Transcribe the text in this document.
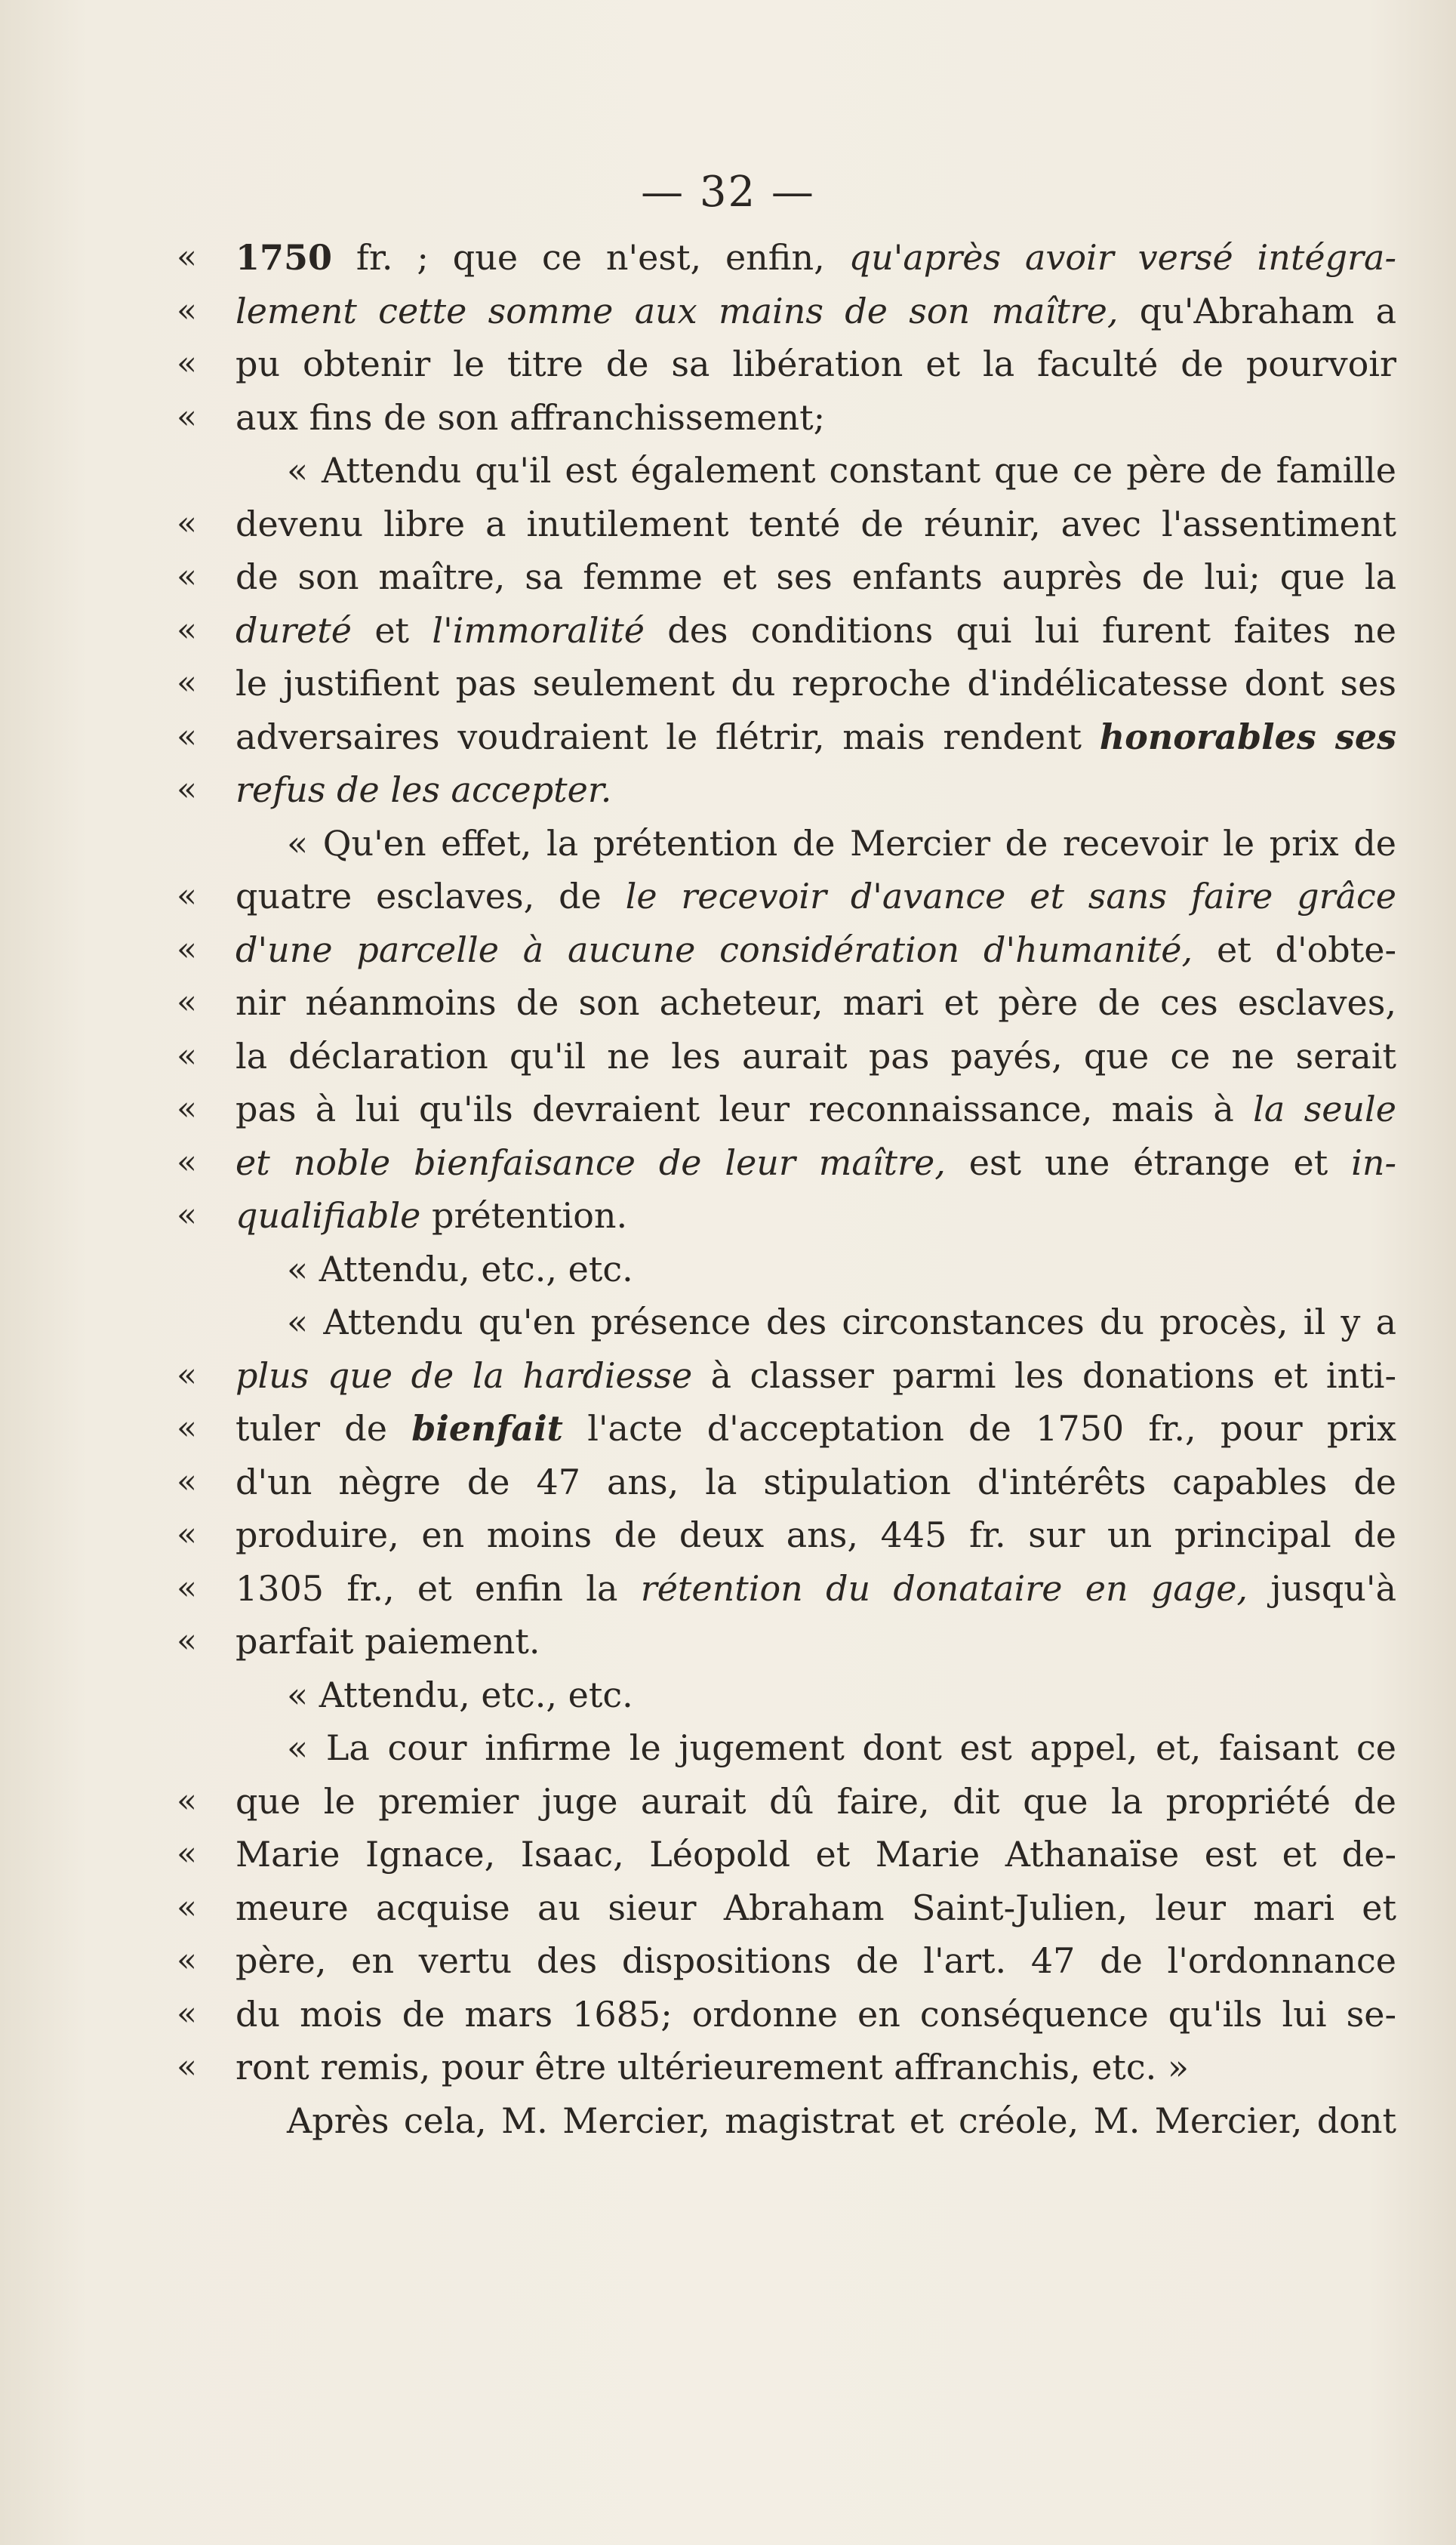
— 32 —
« 1750 fr. ; que ce n'est, enfin, qu'après avoir versé intégra-
« lement cette somme aux mains de son maître, qu'Abraham a
« pu obtenir le titre de sa libération et la faculté de pourvoir
« aux fins de son affranchissement;
« Attendu qu'il est également constant que ce père de famille
« devenu libre a inutilement tenté de réunir, avec l'assentiment
« de son maître, sa femme et ses enfants auprès de lui; que la
« dureté et l'immoralité des conditions qui lui furent faites ne
« le justifient pas seulement du reproche d'indélicatesse dont ses
« adversaires voudraient le flétrir, mais rendent honorables ses
« refus de les accepter.
« Qu'en effet, la prétention de Mercier de recevoir le prix de
« quatre esclaves, de le recevoir d'avance et sans faire grâce
« d'une parcelle à aucune considération d'humanité, et d'obte-
« nir néanmoins de son acheteur, mari et père de ces esclaves,
« la déclaration qu'il ne les aurait pas payés, que ce ne serait
« pas à lui qu'ils devraient leur reconnaissance, mais à la seule
« et noble bienfaisance de leur maître, est une étrange et in-
« qualifiable prétention.
« Attendu, etc., etc.
« Attendu qu'en présence des circonstances du procès, il y a
« plus que de la hardiesse à classer parmi les donations et inti-
« tuler de bienfait l'acte d'acceptation de 1750 fr., pour prix
« d'un nègre de 47 ans, la stipulation d'intérêts capables de
« produire, en moins de deux ans, 445 fr. sur un principal de
« 1305 fr., et enfin la rétention du donataire en gage, jusqu'à
« parfait paiement.
« Attendu, etc., etc.
« La cour infirme le jugement dont est appel, et, faisant ce
« que le premier juge aurait dû faire, dit que la propriété de
« Marie Ignace, Isaac, Léopold et Marie Athanaïse est et de-
« meure acquise au sieur Abraham Saint-Julien, leur mari et
« père, en vertu des dispositions de l'art. 47 de l'ordonnance
« du mois de mars 1685; ordonne en conséquence qu'ils lui se-
« ront remis, pour être ultérieurement affranchis, etc. »
Après cela, M. Mercier, magistrat et créole, M. Mercier, dont
